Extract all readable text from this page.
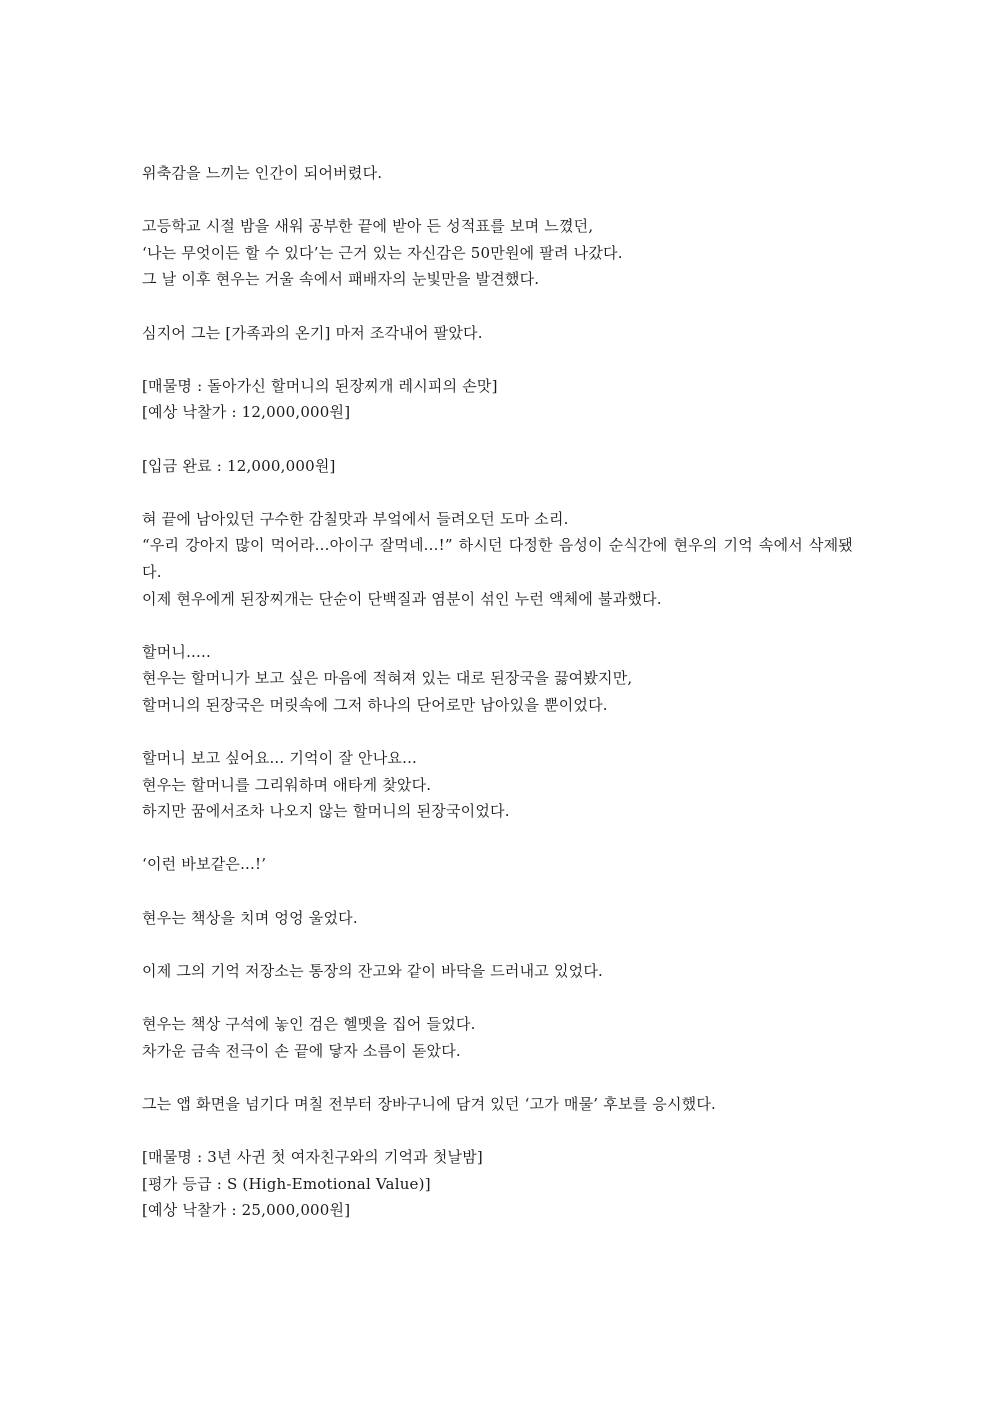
위축감을 느끼는 인간이 되어버렸다.

고등학교 시절 밤을 새워 공부한 끝에 받아 든 성적표를 보며 느꼈던,
‘나는 무엇이든 할 수 있다’는 근거 있는 자신감은 50만원에 팔려 나갔다.
그 날 이후 현우는 거울 속에서 패배자의 눈빛만을 발견했다.

심지어 그는 [가족과의 온기] 마저 조각내어 팔았다.

[매물명 : 돌아가신 할머니의 된장찌개 레시피의 손맛]
[예상 낙찰가 : 12,000,000원]

[입금 완료 : 12,000,000원]

혀 끝에 남아있던 구수한 감칠맛과 부엌에서 들려오던 도마 소리.
“우리 강아지 많이 먹어라...아이구 잘먹네...!” 하시던 다정한 음성이 순식간에 현우의 기억 속에서 삭제됐다.
이제 현우에게 된장찌개는 단순이 단백질과 염분이 섞인 누런 액체에 불과했다.

할머니.....
현우는 할머니가 보고 싶은 마음에 적혀져 있는 대로 된장국을 끓여봤지만,
할머니의 된장국은 머릿속에 그저 하나의 단어로만 남아있을 뿐이었다.

할머니 보고 싶어요... 기억이 잘 안나요...
현우는 할머니를 그리워하며 애타게 찾았다.
하지만 꿈에서조차 나오지 않는 할머니의 된장국이었다.

‘이런 바보같은...!’

현우는 책상을 치며 엉엉 울었다.

이제 그의 기억 저장소는 통장의 잔고와 같이 바닥을 드러내고 있었다.

현우는 책상 구석에 놓인 검은 헬멧을 집어 들었다.
차가운 금속 전극이 손 끝에 닿자 소름이 돋았다.

그는 앱 화면을 넘기다 며칠 전부터 장바구니에 담겨 있던 ‘고가 매물’ 후보를 응시했다.

[매물명 : 3년 사귄 첫 여자친구와의 기억과 첫날밤]
[평가 등급 : S (High-Emotional Value)]
[예상 낙찰가 : 25,000,000원]
